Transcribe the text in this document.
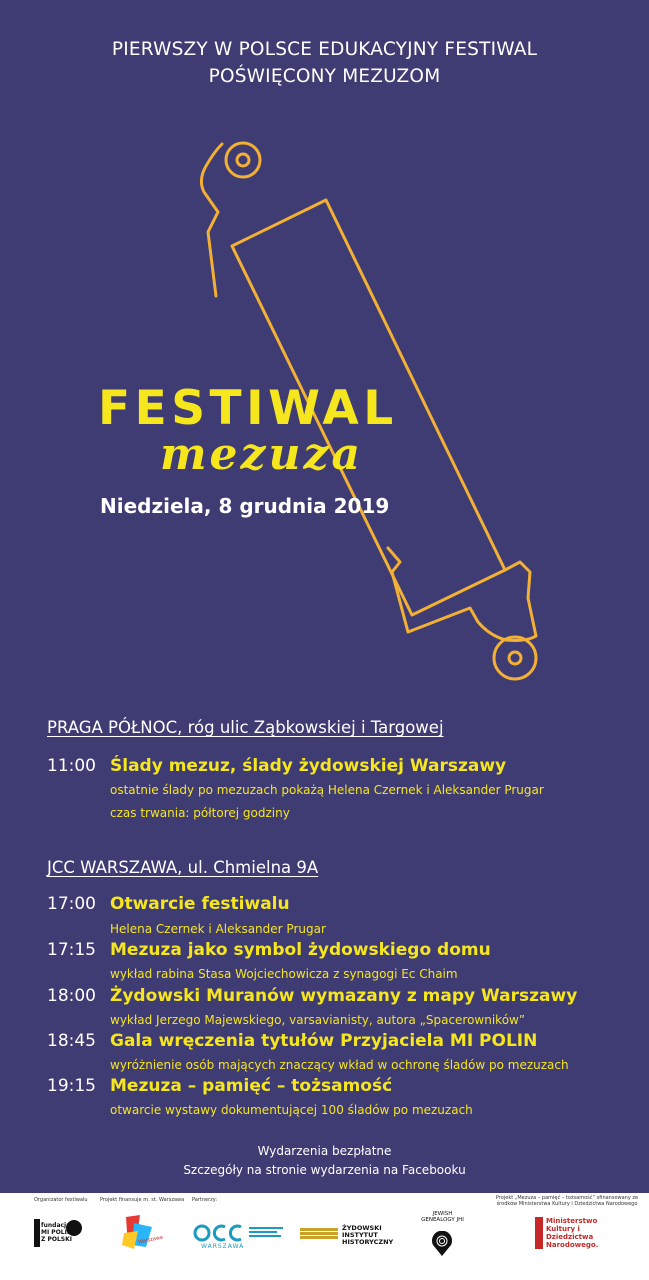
PIERWSZY W POLSCE EDUKACYJNY FESTIWAL
POŚWIĘCONY MEZUZOM
FESTIWAL
mezuza
Niedziela, 8 grudnia 2019
PRAGA PÓŁNOC, róg ulic Ząbkowskiej i Targowej
11:00 Ślady mezuz, ślady żydowskiej Warszawy
ostatnie ślady po mezuzach pokażą Helena Czernek i Aleksander Prugar
czas trwania: półtorej godziny
JCC WARSZAWA, ul. Chmielna 9A
17:00 Otwarcie festiwalu
Helena Czernek i Aleksander Prugar
17:15 Mezuza jako symbol żydowskiego domu
wykład rabina Stasa Wojciechowicza z synagogi Ec Chaim
18:00 Żydowski Muranów wymazany z mapy Warszawy
wykład Jerzego Majewskiego, varsavianisty, autora „Spacerowników”
18:45 Gala wręczenia tytułów Przyjaciela MI POLIN
wyróżnienie osób mających znaczący wkład w ochronę śladów po mezuzach
19:15 Mezuza – pamięć – tożsamość
otwarcie wystawy dokumentującej 100 śladów po mezuzach
Wydarzenia bezpłatne
Szczegóły na stronie wydarzenia na Facebooku
Organizator festiwalu Projekt finansuje m. st. Warszawa Partnerzy:	Projekt „Mezuza – pamięć – tożsamość” sfinansowany ze środków Ministerstwa Kultury i Dziedzictwa Narodowego
fundacja MI POLIN Z POLSKI	Warszawa
WARSZAWA
ŻYDOWSKI INSTYTUT HISTORYCZNY
JEWISH GENEALOGY JHI	Ministerstwo Kultury i Dziedzictwa Narodowego.
